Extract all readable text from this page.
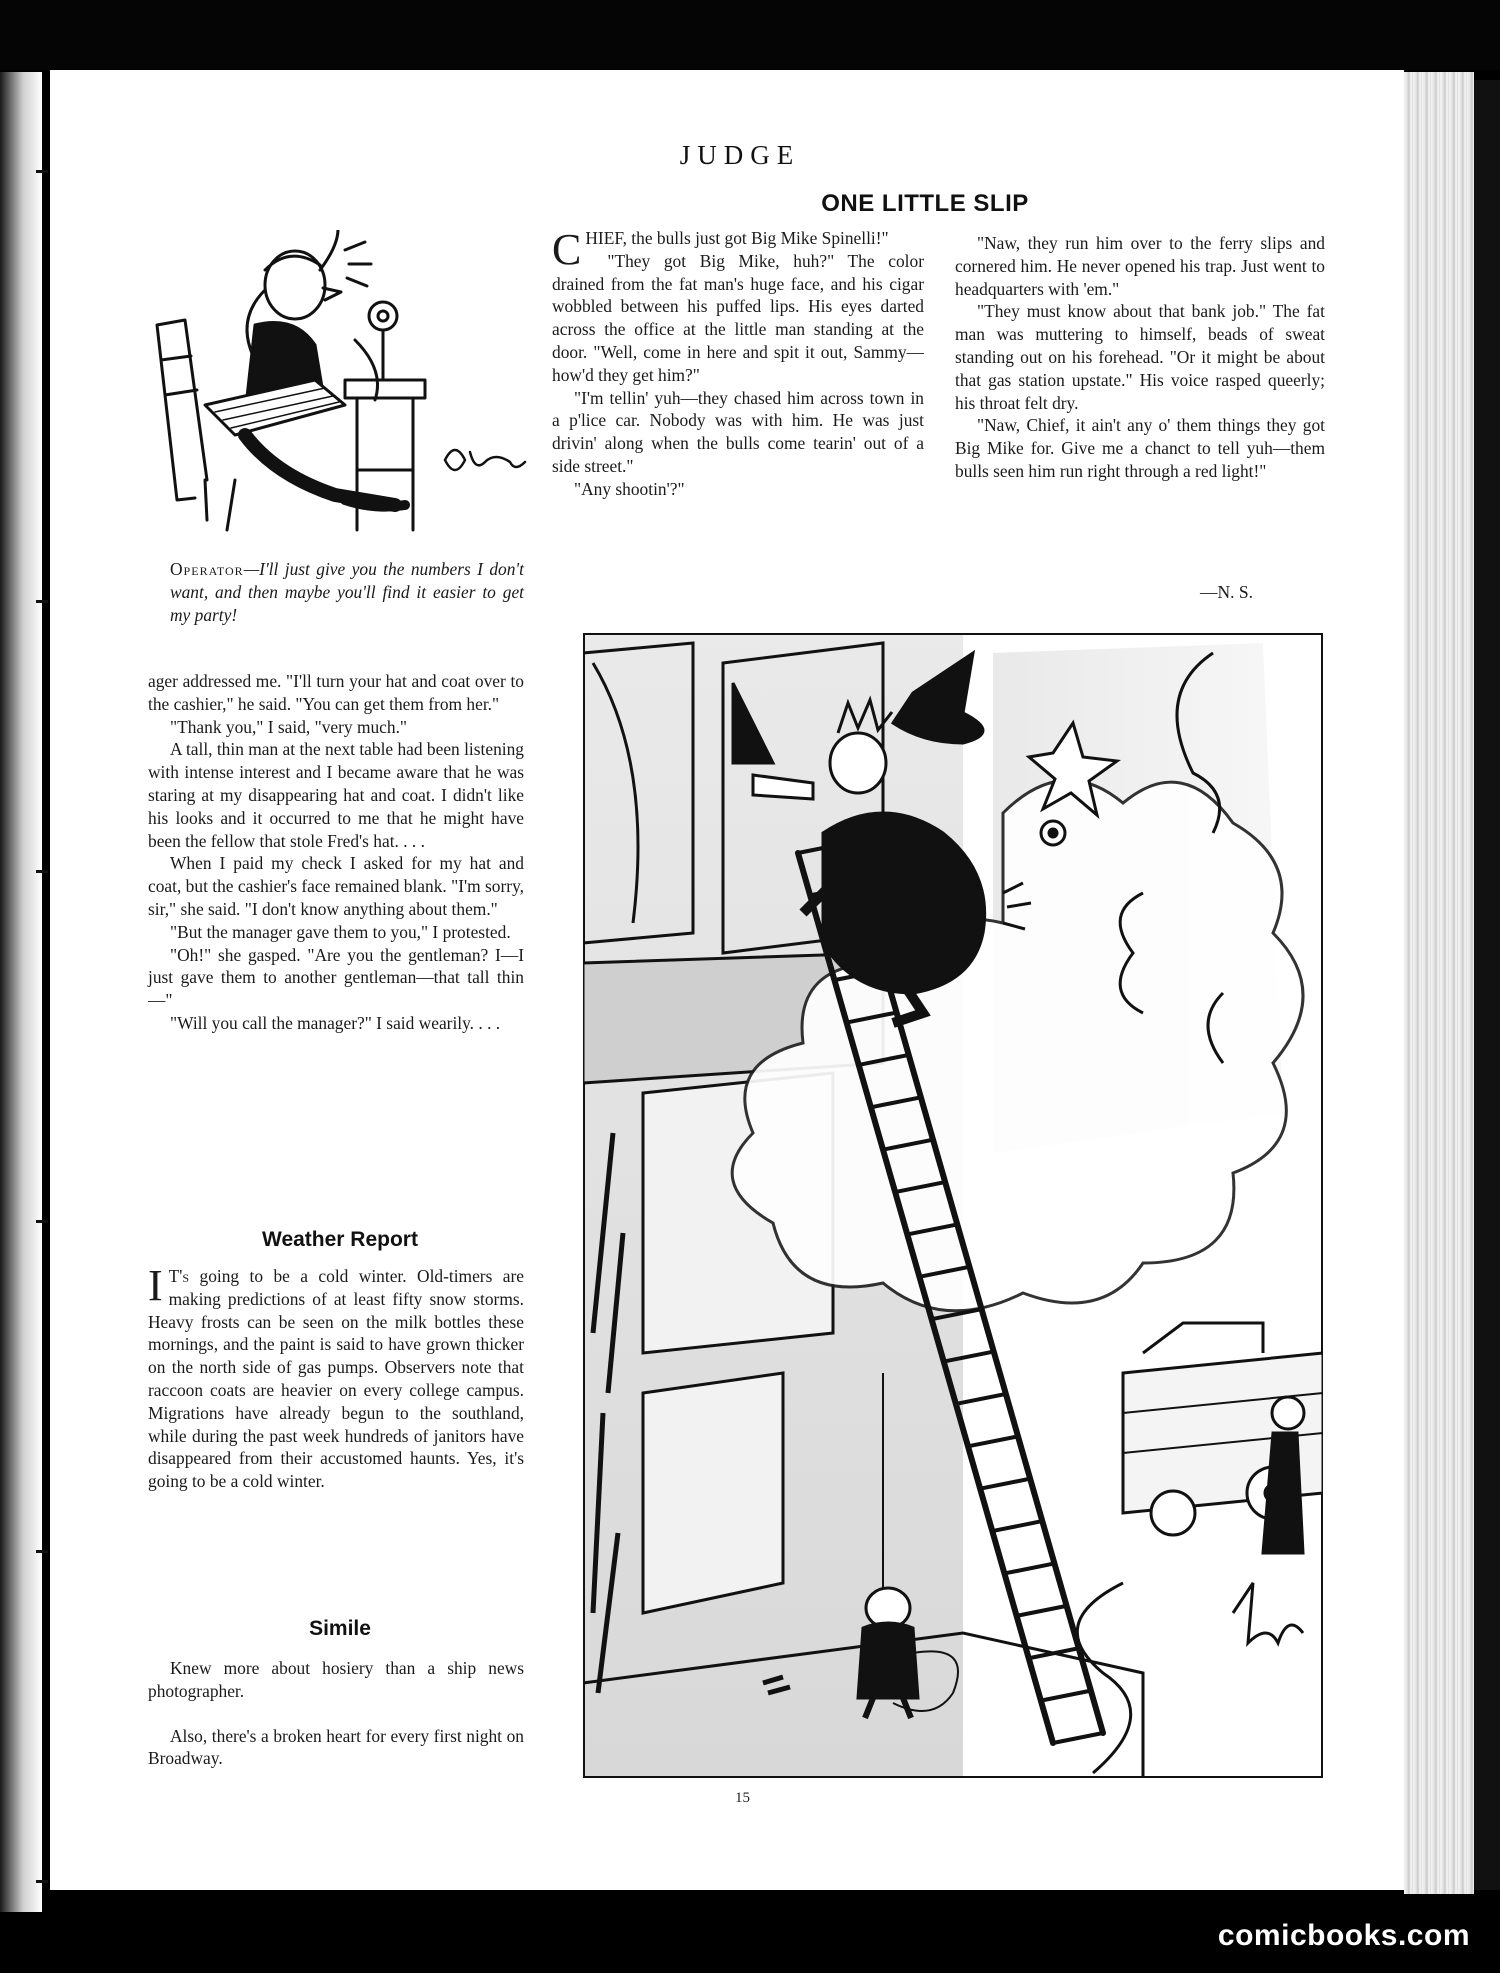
JUDGE
ONE LITTLE SLIP
Operator—I'll just give you the numbers I don't want, and then maybe you'll find it easier to get my party!

CHIEF, the bulls just got Big Mike Spinelli!"

"They got Big Mike, huh?" The color drained from the fat man's huge face, and his cigar wobbled between his puffed lips. His eyes darted across the office at the little man standing at the door. "Well, come in here and spit it out, Sammy—how'd they get him?"

"I'm tellin' yuh—they chased him across town in a p'lice car. Nobody was with him. He was just drivin' along when the bulls come tearin' out of a side street."

"Any shootin'?"

"Naw, they run him over to the ferry slips and cornered him. He never opened his trap. Just went to headquarters with 'em."

"They must know about that bank job." The fat man was muttering to himself, beads of sweat standing out on his forehead. "Or it might be about that gas station upstate." His voice rasped queerly; his throat felt dry.

"Naw, Chief, it ain't any o' them things they got Big Mike for. Give me a chanct to tell yuh—them bulls seen him run right through a red light!"

—N. S.

ager addressed me. "I'll turn your hat and coat over to the cashier," he said. "You can get them from her."

"Thank you," I said, "very much."

A tall, thin man at the next table had been listening with intense interest and I became aware that he was staring at my disappearing hat and coat. I didn't like his looks and it occurred to me that he might have been the fellow that stole Fred's hat. . . .

When I paid my check I asked for my hat and coat, but the cashier's face remained blank. "I'm sorry, sir," she said. "I don't know anything about them."

"But the manager gave them to you," I protested.

"Oh!" she gasped. "Are you the gentleman? I—I just gave them to another gentleman—that tall thin—"

"Will you call the manager?" I said wearily. . . .

Weather Report

I T's going to be a cold winter. Old-timers are making predictions of at least fifty snow storms. Heavy frosts can be seen on the milk bottles these mornings, and the paint is said to have grown thicker on the north side of gas pumps. Observers note that raccoon coats are heavier on every college campus. Migrations have already begun to the southland, while during the past week hundreds of janitors have disappeared from their accustomed haunts. Yes, it's going to be a cold winter.

Simile

Knew more about hosiery than a ship news photographer.

Also, there's a broken heart for every first night on Broadway.

15
comicbooks.com
